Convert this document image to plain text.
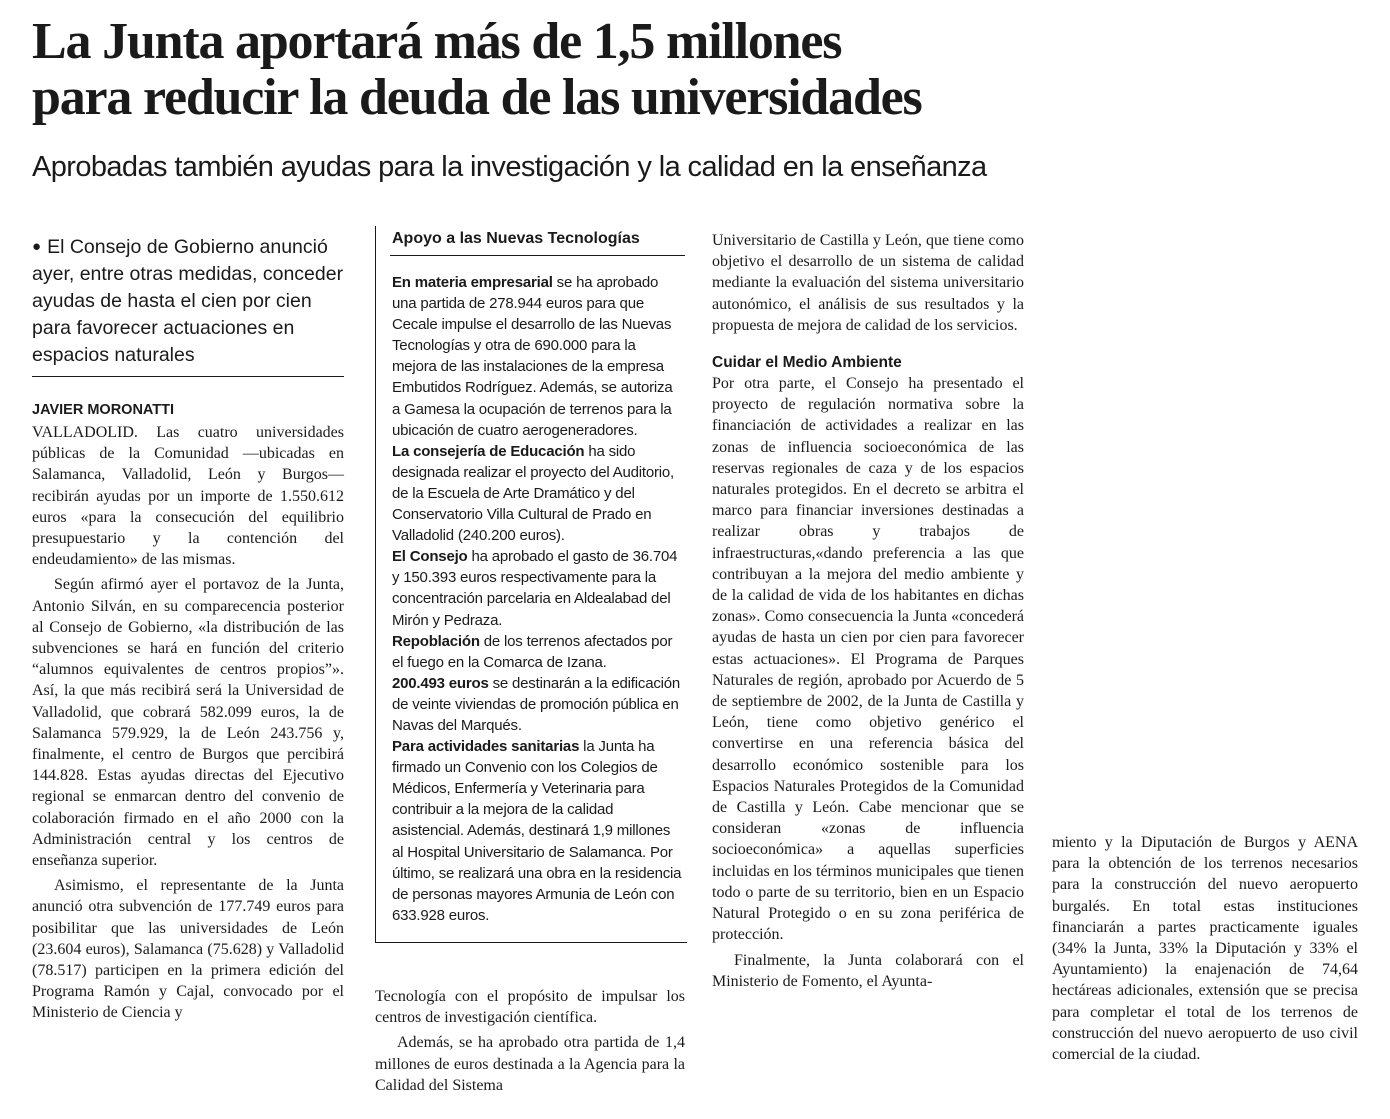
La Junta aportará más de 1,5 millones
para reducir la deuda de las universidades

Aprobadas también ayudas para la investigación y la calidad en la enseñanza

● El Consejo de Gobierno anunció ayer, entre otras medidas, conceder ayudas de hasta el cien por cien para favorecer actuaciones en espacios naturales

JAVIER MORONATTI

VALLADOLID. Las cuatro universidades públicas de la Comunidad —ubicadas en Salamanca, Valladolid, León y Burgos— recibirán ayudas por un importe de 1.550.612 euros «para la consecución del equilibrio presupuestario y la contención del endeudamiento» de las mismas.

Según afirmó ayer el portavoz de la Junta, Antonio Silván, en su comparecencia posterior al Consejo de Gobierno, «la distribución de las subvenciones se hará en función del criterio “alumnos equivalentes de centros propios”». Así, la que más recibirá será la Universidad de Valladolid, que cobrará 582.099 euros, la de Salamanca 579.929, la de León 243.756 y, finalmente, el centro de Burgos que percibirá 144.828. Estas ayudas directas del Ejecutivo regional se enmarcan dentro del convenio de colaboración firmado en el año 2000 con la Administración central y los centros de enseñanza superior.

Asimismo, el representante de la Junta anunció otra subvención de 177.749 euros para posibilitar que las universidades de León (23.604 euros), Salamanca (75.628) y Valladolid (78.517) participen en la primera edición del Programa Ramón y Cajal, convocado por el Ministerio de Ciencia y

Apoyo a las Nuevas Tecnologías

En materia empresarial se ha aprobado una partida de 278.944 euros para que Cecale impulse el desarrollo de las Nuevas Tecnologías y otra de 690.000 para la mejora de las instalaciones de la empresa Embutidos Rodríguez. Además, se autoriza a Gamesa la ocupación de terrenos para la ubicación de cuatro aerogeneradores.

La consejería de Educación ha sido designada realizar el proyecto del Auditorio, de la Escuela de Arte Dramático y del Conservatorio Villa Cultural de Prado en Valladolid (240.200 euros).

El Consejo ha aprobado el gasto de 36.704 y 150.393 euros respectivamente para la concentración parcelaria en Aldealabad del Mirón y Pedraza.

Repoblación de los terrenos afectados por el fuego en la Comarca de Izana.

200.493 euros se destinarán a la edificación de veinte viviendas de promoción pública en Navas del Marqués.

Para actividades sanitarias la Junta ha firmado un Convenio con los Colegios de Médicos, Enfermería y Veterinaria para contribuir a la mejora de la calidad asistencial. Además, destinará 1,9 millones al Hospital Universitario de Salamanca. Por último, se realizará una obra en la residencia de personas mayores Armunia de León con 633.928 euros.

Tecnología con el propósito de impulsar los centros de investigación científica.

Además, se ha aprobado otra partida de 1,4 millones de euros destinada a la Agencia para la Calidad del Sistema

Universitario de Castilla y León, que tiene como objetivo el desarrollo de un sistema de calidad mediante la evaluación del sistema universitario autonómico, el análisis de sus resultados y la propuesta de mejora de calidad de los servicios.

Cuidar el Medio Ambiente

Por otra parte, el Consejo ha presentado el proyecto de regulación normativa sobre la financiación de actividades a realizar en las zonas de influencia socioeconómica de las reservas regionales de caza y de los espacios naturales protegidos. En el decreto se arbitra el marco para financiar inversiones destinadas a realizar obras y trabajos de infraestructuras,«dando preferencia a las que contribuyan a la mejora del medio ambiente y de la calidad de vida de los habitantes en dichas zonas». Como consecuencia la Junta «concederá ayudas de hasta un cien por cien para favorecer estas actuaciones». El Programa de Parques Naturales de región, aprobado por Acuerdo de 5 de septiembre de 2002, de la Junta de Castilla y León, tiene como objetivo genérico el convertirse en una referencia básica del desarrollo económico sostenible para los Espacios Naturales Protegidos de la Comunidad de Castilla y León. Cabe mencionar que se consideran «zonas de influencia socioeconómica» a aquellas superficies incluidas en los términos municipales que tienen todo o parte de su territorio, bien en un Espacio Natural Protegido o en su zona periférica de protección.

Finalmente, la Junta colaborará con el Ministerio de Fomento, el Ayunta-

miento y la Diputación de Burgos y AENA para la obtención de los terrenos necesarios para la construcción del nuevo aeropuerto burgalés. En total estas instituciones financiarán a partes practicamente iguales (34% la Junta, 33% la Diputación y 33% el Ayuntamiento) la enajenación de 74,64 hectáreas adicionales, extensión que se precisa para completar el total de los terrenos de construcción del nuevo aeropuerto de uso civil comercial de la ciudad.
